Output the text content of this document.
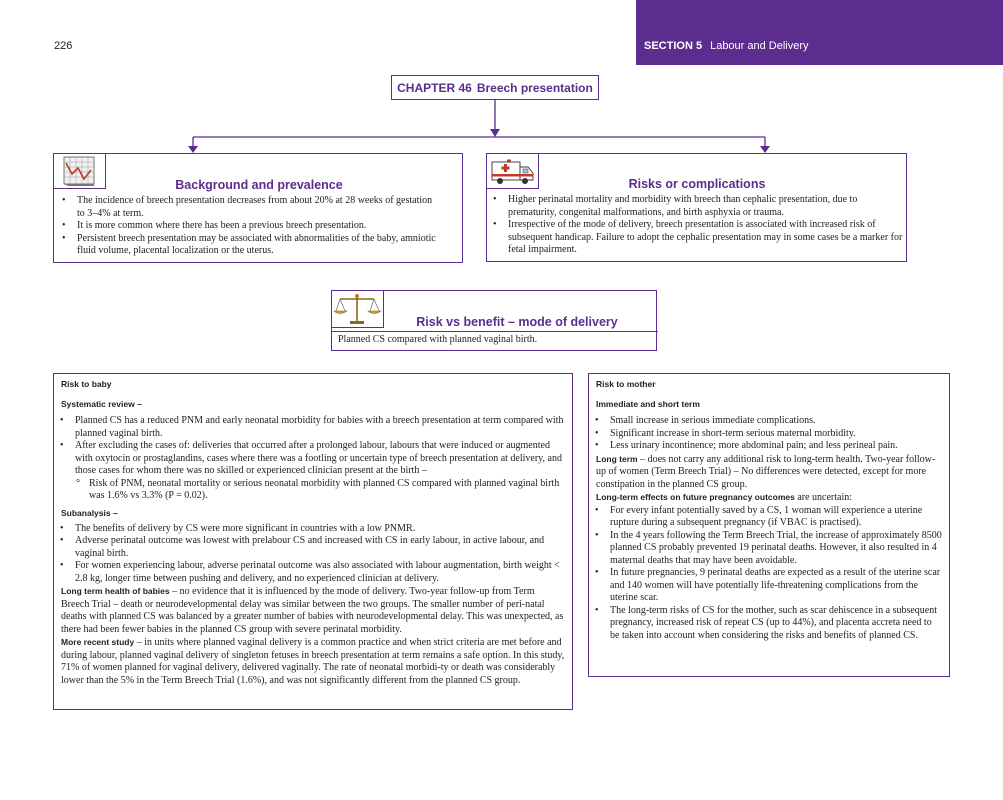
226	SECTION 5 Labour and Delivery
CHAPTER 46 Breech presentation
Background and prevalence
• The incidence of breech presentation decreases from about 20% at 28 weeks of gestation to 3–4% at term.
• It is more common where there has been a previous breech presentation.
• Persistent breech presentation may be associated with abnormalities of the baby, amniotic fluid volume, placental localization or the uterus.
Risks or complications
• Higher perinatal mortality and morbidity with breech than cephalic presentation, due to prematurity, congenital malformations, and birth asphyxia or trauma.
• Irrespective of the mode of delivery, breech presentation is associated with increased risk of subsequent handicap. Failure to adopt the cephalic presentation may in some cases be a marker for fetal impairment.
Risk vs benefit – mode of delivery
Planned CS compared with planned vaginal birth.
Risk to baby
Systematic review –
• Planned CS has a reduced PNM and early neonatal morbidity for babies with a breech presentation at term compared with planned vaginal birth.
• After excluding the cases of: deliveries that occurred after a prolonged labour, labours that were induced or augmented with oxytocin or prostaglandins, cases where there was a footling or uncertain type of breech presentation at delivery, and those cases for whom there was no skilled or experienced clinician present at the birth –
° Risk of PNM, neonatal mortality or serious neonatal morbidity with planned CS compared with planned vaginal birth was 1.6% vs 3.3% (P = 0.02).
Subanalysis –
• The benefits of delivery by CS were more significant in countries with a low PNMR.
• Adverse perinatal outcome was lowest with prelabour CS and increased with CS in early labour, in active labour, and vaginal birth.
• For women experiencing labour, adverse perinatal outcome was also associated with labour augmentation, birth weight < 2.8 kg, longer time between pushing and delivery, and no experienced clinician at delivery.

Long term health of babies – no evidence that it is influenced by the mode of delivery. Two-year follow-up from Term Breech Trial – death or neurodevelopmental delay was similar between the two groups. The smaller number of peri-natal deaths with planned CS was balanced by a greater number of babies with neurodevelopmental delay. This was unexpected, as there had been fewer babies in the planned CS group with severe perinatal morbidity.

More recent study – in units where planned vaginal delivery is a common practice and when strict criteria are met before and during labour, planned vaginal delivery of singleton fetuses in breech presentation at term remains a safe option. In this study, 71% of women planned for vaginal delivery, delivered vaginally. The rate of neonatal morbidi-ty or death was considerably lower than the 5% in the Term Breech Trial (1.6%), and was not significantly different from the planned CS group.

Risk to mother
Immediate and short term
• Small increase in serious immediate complications.
• Significant increase in short-term serious maternal morbidity.
• Less urinary incontinence; more abdominal pain; and less perineal pain.

Long term – does not carry any additional risk to long-term health. Two-year follow-up of women (Term Breech Trial) – No differences were detected, except for more constipation in the planned CS group.

Long-term effects on future pregnancy outcomes are uncertain:

• For every infant potentially saved by a CS, 1 woman will experience a uterine rupture during a subsequent pregnancy (if VBAC is practised).
• In the 4 years following the Term Breech Trial, the increase of approximately 8500 planned CS probably prevented 19 perinatal deaths. However, it also resulted in 4 maternal deaths that may have been avoidable.
• In future pregnancies, 9 perinatal deaths are expected as a result of the uterine scar and 140 women will have potentially life-threatening complications from the uterine scar.
• The long-term risks of CS for the mother, such as scar dehiscence in a subsequent pregnancy, increased risk of repeat CS (up to 44%), and placenta accreta need to be taken into account when considering the risks and benefits of planned CS.
